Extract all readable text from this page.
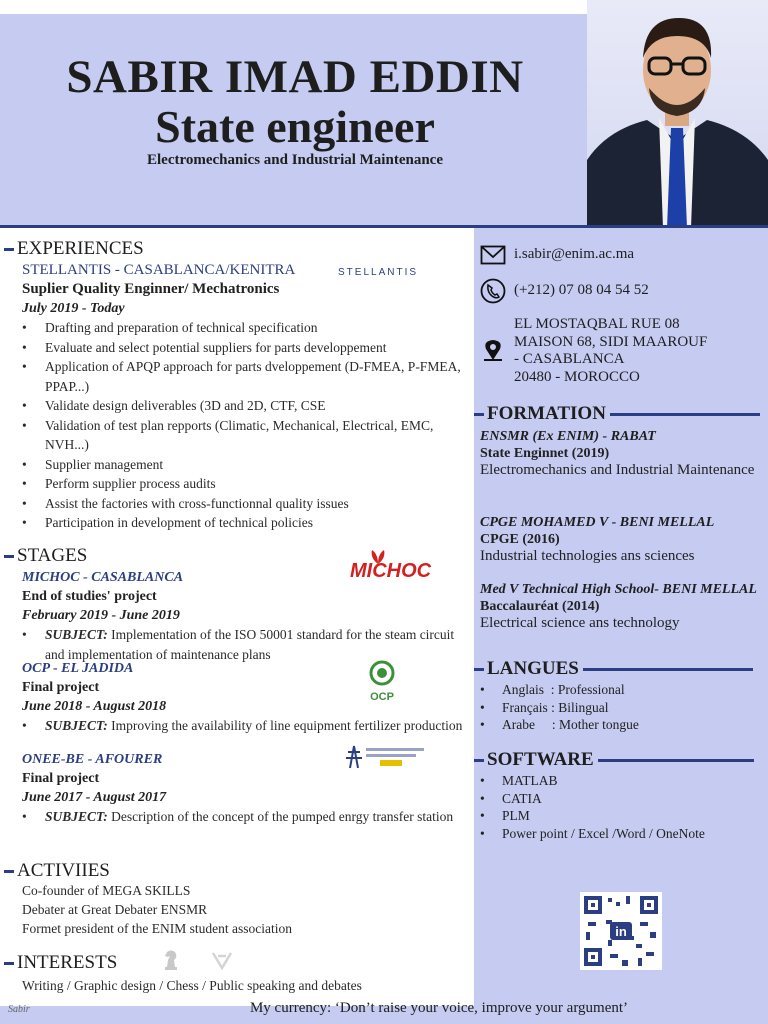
SABIR IMAD EDDIN
State engineer
Electromechanics and Industrial Maintenance
EXPERIENCES
STELLANTIS - CASABLANCA/KENITRA
Suplier Quality Enginner/ Mechatronics
July 2019 - Today
• Drafting and preparation of technical specification
• Evaluate and select potential suppliers for parts developpement
• Application of APQP approach for parts dveloppement (D-FMEA, P-FMEA, PPAP...)
• Validate design deliverables (3D and 2D, CTF, CSE
• Validation of test plan repports (Climatic, Mechanical, Electrical, EMC, NVH...)
• Supplier management
• Perform supplier process audits
• Assist the factories with cross-functionnal quality issues
• Participation in development of technical policies
STAGES
MICHOC - CASABLANCA
End of studies' project
February 2019 - June 2019
• SUBJECT: Implementation of the ISO 50001 standard for the steam circuit and implementation of maintenance plans
OCP - EL JADIDA
Final project
June 2018 - August 2018
• SUBJECT: Improving the availability of line equipment fertilizer production
ONEE-BE - AFOURER
Final project
June 2017 - August 2017
• SUBJECT: Description of the concept of the pumped enrgy transfer station
ACTIVIIES
Co-founder of MEGA SKILLS
Debater at Great Debater ENSMR
Formet president of the ENIM student association
INTERESTS
Writing / Graphic design / Chess / Public speaking and debates
STELLANTIS
MICHOC
OCP
i.sabir@enim.ac.ma
(+212) 07 08 04 54 52
EL MOSTAQBAL RUE 08
MAISON 68, SIDI MAAROUF
- CASABLANCA
20480 - MOROCCO
FORMATION
ENSMR (Ex ENIM) - RABAT
State Enginnet (2019)
Electromechanics and Industrial Maintenance
CPGE MOHAMED V - BENI MELLAL
CPGE (2016)
Industrial technologies ans sciences
Med V Technical High School- BENI MELLAL
Baccalauréat (2014)
Electrical science ans technology
LANGUES
• Anglais  : Professional
• Français : Bilingual
• Arabe     : Mother tongue
SOFTWARE
• MATLAB
• CATIA
• PLM
• Power point / Excel /Word / OneNote
in
Sabir	My currency: ‘Don’t raise your voice, improve your argument’
